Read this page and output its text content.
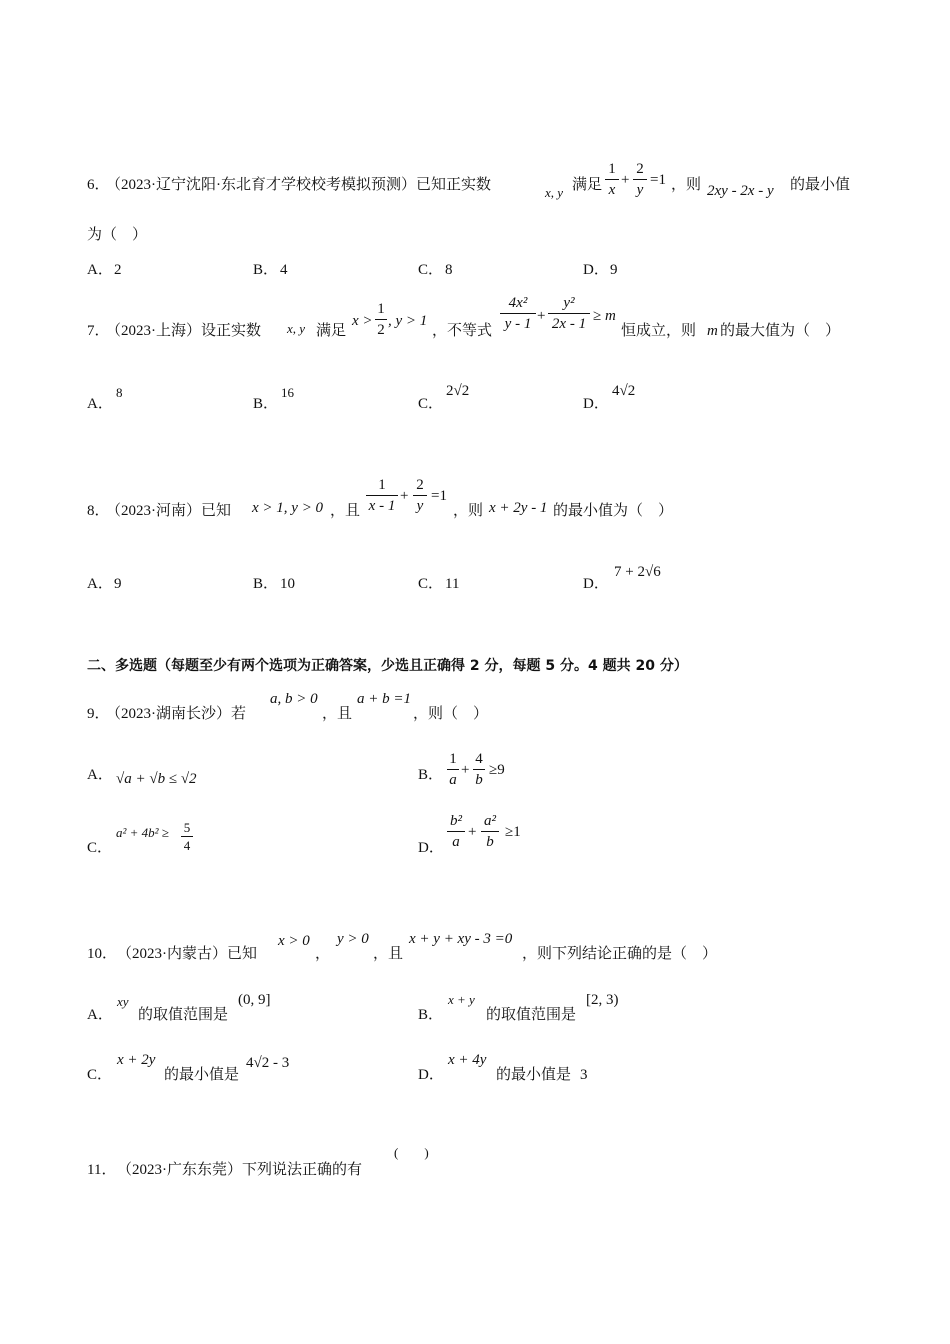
6．
（2023·辽宁沈阳·东北育才学校校考模拟预测）已知正实数	x, y 满足
1
x
+
2
y
=1 ，则 2xy - 2x - y 的最小值
为（　）
A． 2	B． 4	C． 8	D． 9
7．
（2023·上海）设正实数 x, y 满足
x >
1
2
, y > 1
，不等式
4x²
y - 1 +
y²
2x - 1 ≥ m
恒成立，则 m 的最大值为（　）
A．
8
B．
16
C．
2√2
D．
4√2
8．
（2023·河南）已知 x > 1, y > 0 ，且
1
x - 1
+
2
y
=1
，则 x + 2y - 1 的最小值为（　）
A． 9	B． 10	C． 11	D．
7 + 2√6
二、多选题（每题至少有两个选项为正确答案，少选且正确得 2 分，每题 5 分。4 题共 20 分）
9．
（2023·湖南长沙）若
a, b > 0
，且
a + b =1
，则（　）
A． √a + √b ≤ √2	B．
1
a
+
4
b
≥9
C．
a² + 4b² ≥ 5
4	D．
b²
a
+
a²
b
≥1
10． （2023·内蒙古）已知
x > 0
，
y > 0
，且
x + y + xy - 3 =0
，则下列结论正确的是（　）
A．
xy
的取值范围是
(0, 9]
B．
x + y
的取值范围是
[2, 3)
C．
x + 2y
的最小值是
4√2 - 3
D．
x + 4y
的最小值是 3
11． （2023·广东东莞）下列说法正确的有
(　　)
